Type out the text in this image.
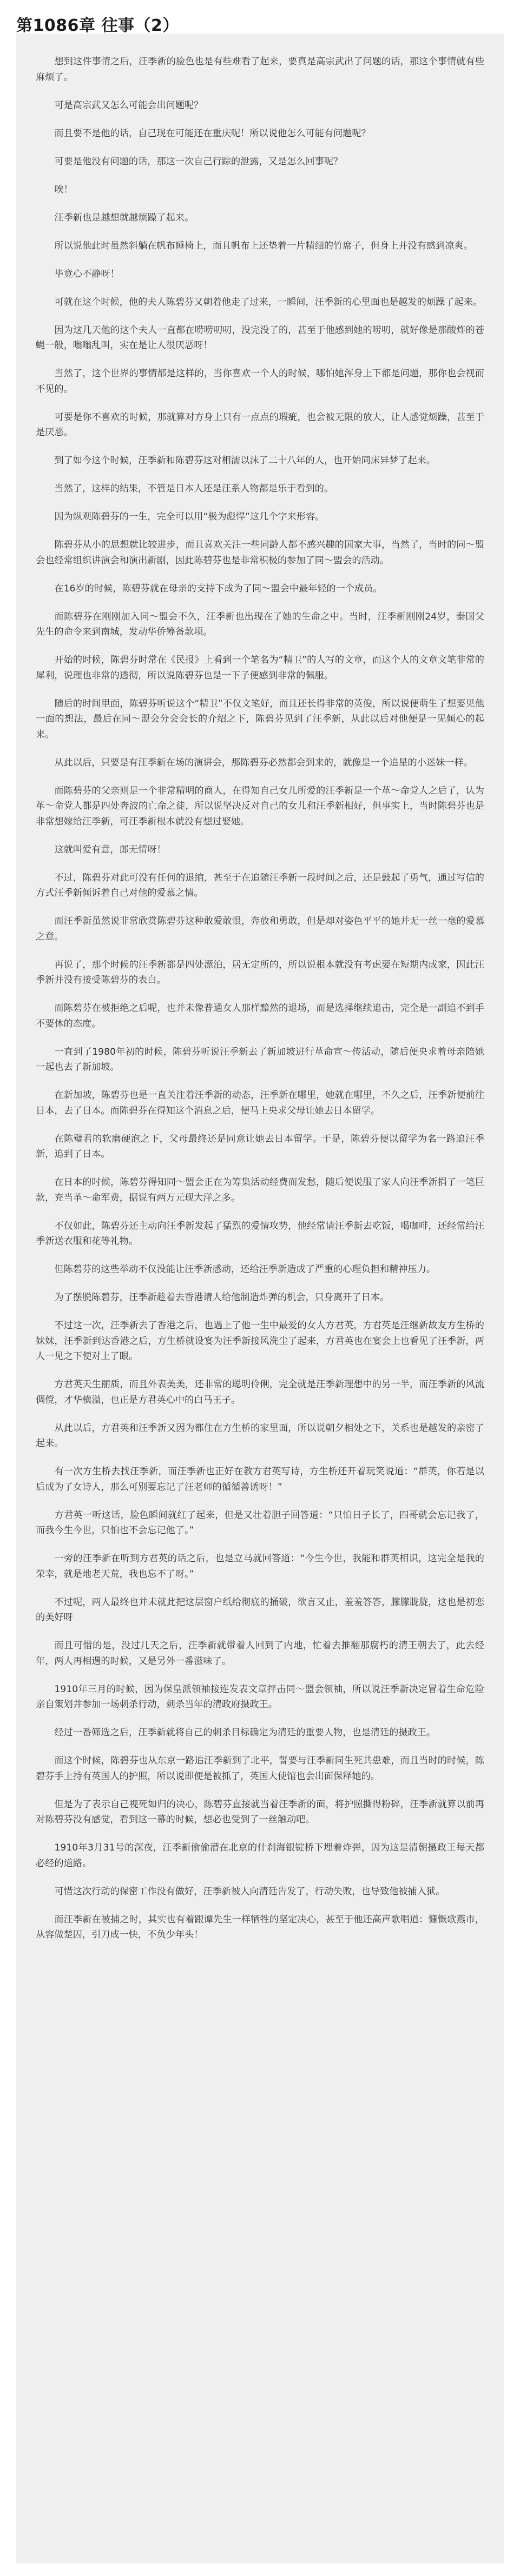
第1086章 往事（2）

想到这件事情之后，汪季新的脸色也是有些难看了起来，要真是高宗武出了问题的话，那这个事情就有些麻烦了。

可是高宗武又怎么可能会出问题呢？

而且要不是他的话，自己现在可能还在重庆呢！所以说他怎么可能有问题呢？

可要是他没有问题的话，那这一次自己行踪的泄露，又是怎么回事呢？

唉！

汪季新也是越想就越烦躁了起来。

所以说他此时虽然斜躺在帆布睡椅上，而且帆布上还垫着一片精细的竹席子，但身上并没有感到凉爽。

毕竟心不静呀！

可就在这个时候，他的夫人陈碧芬又朝着他走了过来，一瞬间，汪季新的心里面也是越发的烦躁了起来。

因为这几天他的这个夫人一直都在唠唠叨叨，没完没了的，甚至于他感到她的唠叨，就好像是那酸炸的苍蝇一般，嗡嗡乱叫，实在是让人很厌恶呀！

当然了，这个世界的事情都是这样的，当你喜欢一个人的时候，哪怕她浑身上下都是问题，那你也会视而不见的。

可要是你不喜欢的时候，那就算对方身上只有一点点的瑕疵，也会被无限的放大，让人感觉烦躁，甚至于是厌恶。

到了如今这个时候，汪季新和陈碧芬这对相濡以沫了二十八年的人，也开始同床异梦了起来。

当然了，这样的结果，不管是日本人还是汪系人物都是乐于看到的。

因为纵观陈碧芬的一生，完全可以用“极为彪悍”这几个字来形容。

陈碧芬从小的思想就比较进步，而且喜欢关注一些同龄人都不感兴趣的国家大事，当然了，当时的同～盟会也经常组织讲演会和演出新剧，因此陈碧芬也是非常积极的参加了同～盟会的活动。

在16岁的时候，陈碧芬就在母亲的支持下成为了同～盟会中最年轻的一个成员。

而陈碧芬在刚刚加入同～盟会不久，汪季新也出现在了她的生命之中。当时，汪季新刚刚24岁，泰国父先生的命令来到南城，发动华侨筹备款项。

开始的时候，陈碧芬时常在《民报》上看到一个笔名为“精卫”的人写的文章，而这个人的文章文笔非常的犀利，说理也非常的透彻，所以说陈碧芬也是一下子便感到非常的佩服。

随后的时间里面，陈碧芬听说这个“精卫”不仅文笔好，而且还长得非常的英俊，所以说便萌生了想要见他一面的想法，最后在同～盟会分会会长的介绍之下，陈碧芬见到了汪季新，从此以后对他便是一见倾心的起来。

从此以后，只要是有汪季新在场的演讲会，那陈碧芬必然都会到来的，就像是一个追星的小迷妹一样。

而陈碧芬的父亲则是一个非常精明的商人，在得知自己女儿所爱的汪季新是一个革～命党人之后了，认为革～命党人都是四处奔波的亡命之徒，所以说坚决反对自己的女儿和汪季新相好，但事实上，当时陈碧芬也是非常想嫁给汪季新，可汪季新根本就没有想过娶她。

这就叫爱有意，郎无情呀！

不过，陈碧芬对此可没有任何的退缩，甚至于在追随汪季新一段时间之后，还是鼓起了勇气，通过写信的方式汪季新倾诉着自己对他的爱慕之情。

而汪季新虽然说非常欣赏陈碧芬这种敢爱敢恨，奔放和勇敢，但是却对姿色平平的她并无一丝一毫的爱慕之意。

再说了，那个时候的汪季新都是四处漂泊，居无定所的，所以说根本就没有考虑要在短期内成家，因此汪季新并没有接受陈碧芬的表白。

而陈碧芬在被拒绝之后呢，也并未像普通女人那样黯然的退场，而是选择继续追击，完全是一副追不到手不要休的态度。

一直到了1980年初的时候，陈碧芬听说汪季新去了新加坡进行革命宣～传活动，随后便央求着母亲陪她一起也去了新加坡。

在新加坡，陈碧芬也是一直关注着汪季新的动态，汪季新在哪里，她就在哪里，不久之后，汪季新便前往日本，去了日本。而陈碧芬在得知这个消息之后，便马上央求父母让她去日本留学。

在陈璧君的软磨硬泡之下，父母最终还是同意让她去日本留学。于是，陈碧芬便以留学为名一路追汪季新，追到了日本。

在日本的时候，陈碧芬得知同～盟会正在为筹集活动经费而发愁，随后便说服了家人向汪季新捐了一笔巨款，充当革～命军费，据说有两万元现大洋之多。

不仅如此，陈碧芬还主动向汪季新发起了猛烈的爱情攻势，他经常请汪季新去吃饭，喝咖啡，还经常给汪季新送衣服和花等礼物。

但陈碧芬的这些举动不仅没能让汪季新感动，还给汪季新造成了严重的心理负担和精神压力。

为了摆脱陈碧芬，汪季新趁着去香港请人给他制造炸弹的机会，只身离开了日本。

不过这一次，汪季新去了香港之后，也遇上了他一生中最爱的女人方君英，方君英是汪继新故友方生桥的妹妹，汪季新到达香港之后，方生桥就设宴为汪季新接风洗尘了起来，方君英也在宴会上也看见了汪季新，两人一见之下便对上了眼。

方君英天生丽质，而且外表美美，还非常的聪明伶俐，完全就是汪季新理想中的另一半，而汪季新的风流倜傥，才华横溢，也正是方君英心中的白马王子。

从此以后，方君英和汪季新又因为都住在方生桥的家里面，所以说朝夕相处之下，关系也是越发的亲密了起来。

有一次方生桥去找汪季新，而汪季新也正好在教方君英写诗，方生桥还开着玩笑说道：“群英，你若是以后成为了女诗人，那么可别要忘记了汪老师的循循善诱呀！”

方君英一听这话，脸色瞬间就红了起来，但是又壮着胆子回答道：“只怕日子长了，四哥就会忘记我了，而我今生今世，只怕也不会忘记他了。”

一旁的汪季新在听到方君英的话之后，也是立马就回答道：“今生今世，我能和群英相识，这完全是我的荣幸，就是地老天荒，我也忘不了呀。”

不过呢，两人最终也并未就此把这层窗户纸给彻底的捅破，欲言又止，羞羞答答，朦朦胧胧，这也是初恋的美好呀

而且可惜的是，没过几天之后，汪季新就带着人回到了内地，忙着去推翻那腐朽的清王朝去了，此去经年，两人再相遇的时候，又是另外一番滋味了。

1910年三月的时候，因为保皇派领袖接连发表文章抨击同～盟会领袖，所以说汪季新决定冒着生命危险亲自策划并参加一场刺杀行动，刺杀当年的清政府摄政王。

经过一番筛选之后，汪季新就将自己的刺杀目标确定为清廷的重要人物，也是清廷的摄政王。

而这个时候，陈碧芬也从东京一路追汪季新到了北平，誓要与汪季新同生死共患难，而且当时的时候，陈碧芬手上持有英国人的护照，所以说即便是被抓了，英国大使馆也会出面保释她的。

但是为了表示自己视死如归的决心，陈碧芬直接就当着汪季新的面，将护照撕得粉碎，汪季新就算以前再对陈碧芬没有感觉，看到这一幕的时候，想必也受到了一丝触动吧。

1910年3月31号的深夜，汪季新偷偷潜在北京的什刹海银锭桥下埋着炸弹，因为这是清朝摄政王每天都必经的道路。

可惜这次行动的保密工作没有做好，汪季新被人向清廷告发了，行动失败，也导致他被捕入狱。

而汪季新在被捕之时，其实也有着跟谭先生一样牺牲的坚定决心，甚至于他还高声歌唱道：慷慨歌燕市，从容做楚囚，引刀成一快，不负少年头！
